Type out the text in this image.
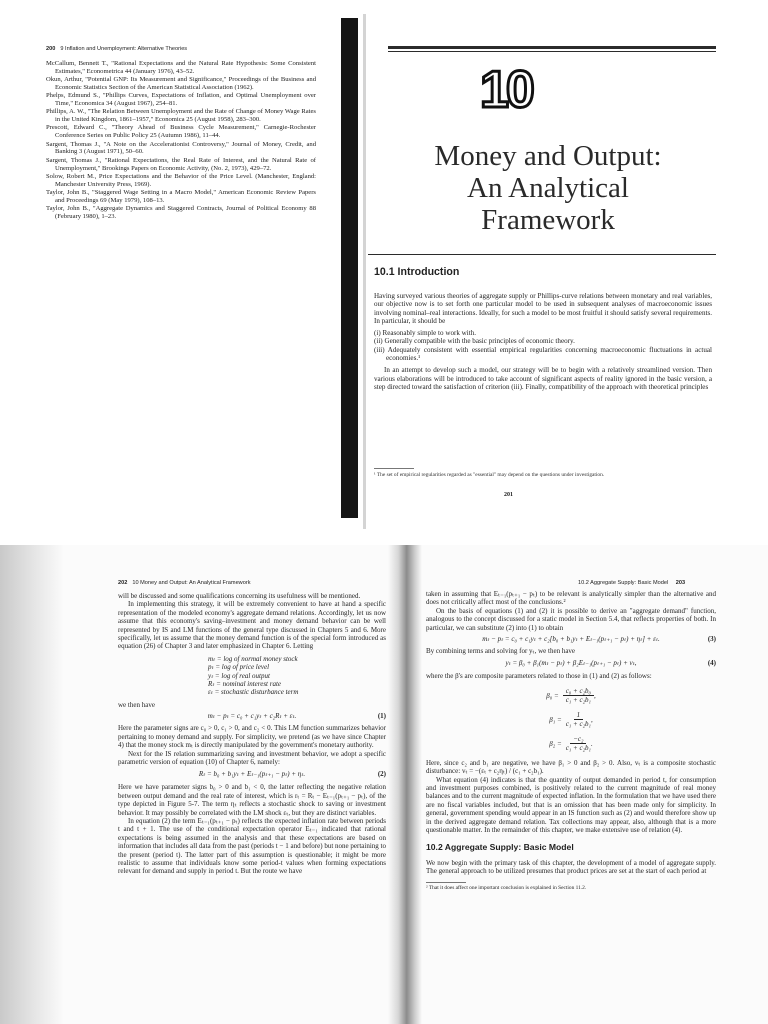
200 9 Inflation and Unemployment: Alternative Theories
McCallum, Bennett T., "Rational Expectations and the Natural Rate Hypothesis: Some Consistent Estimates," Econometrica 44 (January 1976), 43–52.
Okun, Arthur, "Potential GNP: Its Measurement and Significance," Proceedings of the Business and Economic Statistics Section of the American Statistical Association (1962).
Phelps, Edmund S., "Phillips Curves, Expectations of Inflation, and Optimal Unemployment over Time," Economica 34 (August 1967), 254–81.
Phillips, A. W., "The Relation Between Unemployment and the Rate of Change of Money Wage Rates in the United Kingdom, 1861–1957," Economica 25 (August 1958), 283–300.
Prescott, Edward C., "Theory Ahead of Business Cycle Measurement," Carnegie-Rochester Conference Series on Public Policy 25 (Autumn 1986), 11–44.
Sargent, Thomas J., "A Note on the Accelerationist Controversy," Journal of Money, Credit, and Banking 3 (August 1971), 50–60.
Sargent, Thomas J., "Rational Expectations, the Real Rate of Interest, and the Natural Rate of Unemployment," Brookings Papers on Economic Activity, (No. 2, 1973), 429–72.
Solow, Robert M., Price Expectations and the Behavior of the Price Level. (Manchester, England: Manchester University Press, 1969).
Taylor, John B., "Staggered Wage Setting in a Macro Model," American Economic Review Papers and Proceedings 69 (May 1979), 108–13.
Taylor, John B., "Aggregate Dynamics and Staggered Contracts, Journal of Political Economy 88 (February 1980), 1–23.
10
Money and Output:
An Analytical
Framework
10.1 Introduction

Having surveyed various theories of aggregate supply or Phillips-curve relations between monetary and real variables, our objective now is to set forth one particular model to be used in subsequent analyses of macroeconomic issues involving nominal–real interactions. Ideally, for such a model to be most fruitful it should satisfy several requirements. In particular, it should be

(i) Reasonably simple to work with.
(ii) Generally compatible with the basic principles of economic theory.
(iii) Adequately consistent with essential empirical regularities concerning macroeconomic fluctuations in actual economies.¹

In an attempt to develop such a model, our strategy will be to begin with a relatively streamlined version. Then various elaborations will be introduced to take account of significant aspects of reality ignored in the basic version, a step directed toward the satisfaction of criterion (iii). Finally, compatibility of the approach with theoretical principles

¹ The set of empirical regularities regarded as "essential" may depend on the questions under investigation.
201
202 10 Money and Output: An Analytical Framework

will be discussed and some qualifications concerning its usefulness will be mentioned.

In implementing this strategy, it will be extremely convenient to have at hand a specific representation of the modeled economy's aggregate demand relations. Accordingly, let us now assume that this economy's saving–investment and money demand behavior can be well represented by IS and LM functions of the general type discussed in Chapters 5 and 6. More specifically, let us assume that the money demand function is of the special form introduced as equation (26) of Chapter 3 and later emphasized in Chapter 6. Letting

mₜ = log of normal money stock
pₜ = log of price level
yₜ = log of real output
Rₜ = nominal interest rate
εₜ = stochastic disturbance term

we then have

mₜ − pₜ = c₀ + c₁yₜ + c₂Rₜ + εₜ.	(1)

Here the parameter signs are c₀ > 0, c₁ > 0, and c₂ < 0. This LM function summarizes behavior pertaining to money demand and supply. For simplicity, we pretend (as we have since Chapter 4) that the money stock mₜ is directly manipulated by the government's monetary authority.

Next for the IS relation summarizing saving and investment behavior, we adopt a specific parametric version of equation (10) of Chapter 6, namely:

Rₜ = b₀ + b₁yₜ + Eₜ₋₁(pₜ₊₁ − pₜ) + ηₜ.	(2)

Here we have parameter signs b₀ > 0 and b₁ < 0, the latter reflecting the negative relation between output demand and the real rate of interest, which is rₜ = Rₜ − Eₜ₋₁(pₜ₊₁ − pₜ), of the type depicted in Figure 5-7. The term ηₜ reflects a stochastic shock to saving or investment behavior. It may possibly be correlated with the LM shock εₜ, but they are distinct variables.

In equation (2) the term Eₜ₋₁(pₜ₊₁ − pₜ) reflects the expected inflation rate between periods t and t + 1. The use of the conditional expectation operator Eₜ₋₁ indicated that rational expectations is being assumed in the analysis and that these expectations are based on information that includes all data from the past (periods t − 1 and before) but none pertaining to the present (period t). The latter part of this assumption is questionable; it might be more realistic to assume that individuals know some period-t values when forming expectations relevant for demand and supply in period t. But the route we have

10.2 Aggregate Supply: Basic Model 203

taken in assuming that Eₜ₋₁(pₜ₊₁ − pₜ) to be relevant is analytically simpler than the alternative and does not critically affect most of the conclusions.²

On the basis of equations (1) and (2) it is possible to derive an "aggregate demand" function, analogous to the concept discussed for a static model in Section 5.4, that reflects properties of both. In particular, we can substitute (2) into (1) to obtain

mₜ − pₜ = c₀ + c₁yₜ + c₂[b₀ + b₁yₜ + Eₜ₋₁(pₜ₊₁ − pₜ) + ηₜ] + εₜ.	(3)

By combining terms and solving for yₜ, we then have

yₜ = β₀ + β₁(mₜ − pₜ) + β₂Eₜ₋₁(pₜ₊₁ − pₜ) + vₜ,	(4)

where the β's are composite parameters related to those in (1) and (2) as follows:

$\beta_0 = \frac{\text{c₀ + c₂b₀}}{\text{c₁ + c₂b₁}}$ ,
$\beta_1 = \frac{1}{\text{c₁ + c₂b₁}}$ ,
$\beta_2 = \frac{\text{−c₂}}{\text{c₁ + c₂b₁}}$ .

Here, since c₂ and b₁ are negative, we have β₁ > 0 and β₂ > 0. Also, vₜ is a composite stochastic disturbance: vₜ = −(εₜ + c₂ηₜ) / (c₁ + c₂b₁).

What equation (4) indicates is that the quantity of output demanded in period t, for consumption and investment purposes combined, is positively related to the current magnitude of real money balances and to the current magnitude of expected inflation. In the formulation that we have used there are no fiscal variables included, but that is an omission that has been made only for simplicity. In general, government spending would appear in an IS function such as (2) and would therefore show up in the derived aggregate demand relation. Tax collections may appear, also, although that is a more questionable matter. In the remainder of this chapter, we make extensive use of relation (4).

10.2 Aggregate Supply: Basic Model

We now begin with the primary task of this chapter, the development of a model of aggregate supply. The general approach to be utilized presumes that product prices are set at the start of each period at

² That it does affect one important conclusion is explained in Section 11.2.
